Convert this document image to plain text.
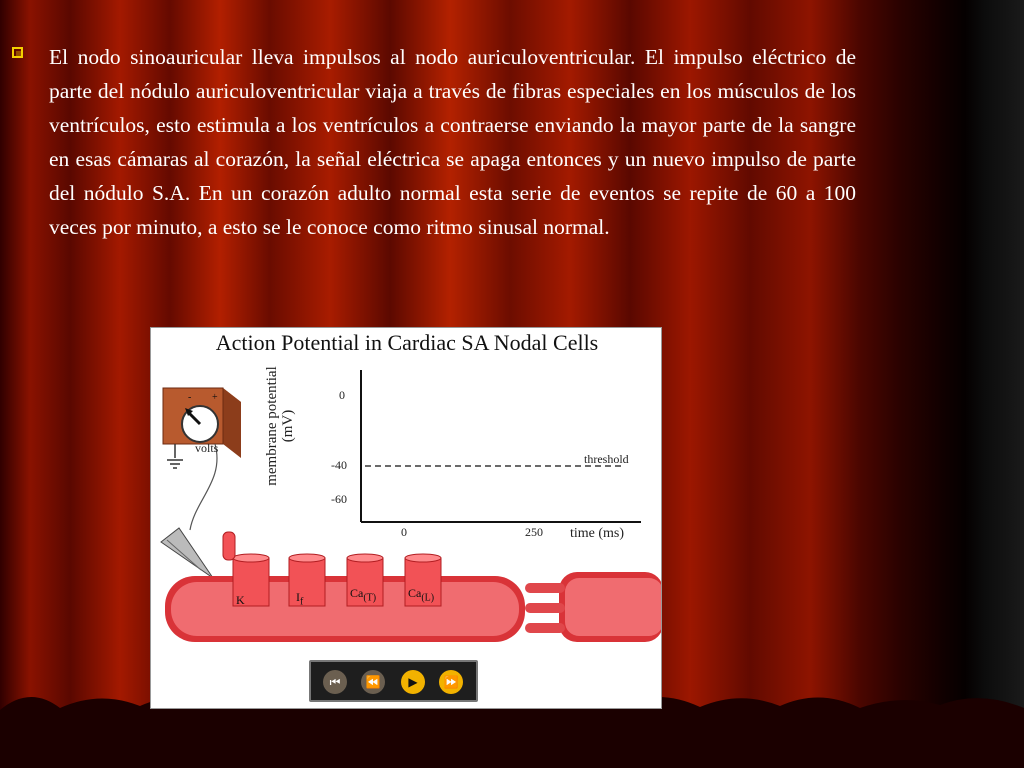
El nodo sinoauricular lleva impulsos al nodo auriculoventricular. El impulso eléctrico de parte del nódulo auriculoventricular viaja a través de fibras especiales en los músculos de los ventrículos, esto estimula a los ventrículos a contraerse enviando la mayor parte de la sangre en esas cámaras al corazón, la señal eléctrica se apaga entonces y un nuevo impulso de parte del nódulo S.A. En un corazón adulto normal esta serie de eventos se repite de 60 a 100 veces por minuto, a esto se le conoce como ritmo sinusal normal.
Action Potential in Cardiac SA Nodal Cells
- +
volts	membrane potential (mV)
0
-40
-60
0	250 time (ms)
threshold
K	$I_f$
$Ca_{(T)}$	$Ca_{(L)}$
⏮	⏪	▶	⏩
